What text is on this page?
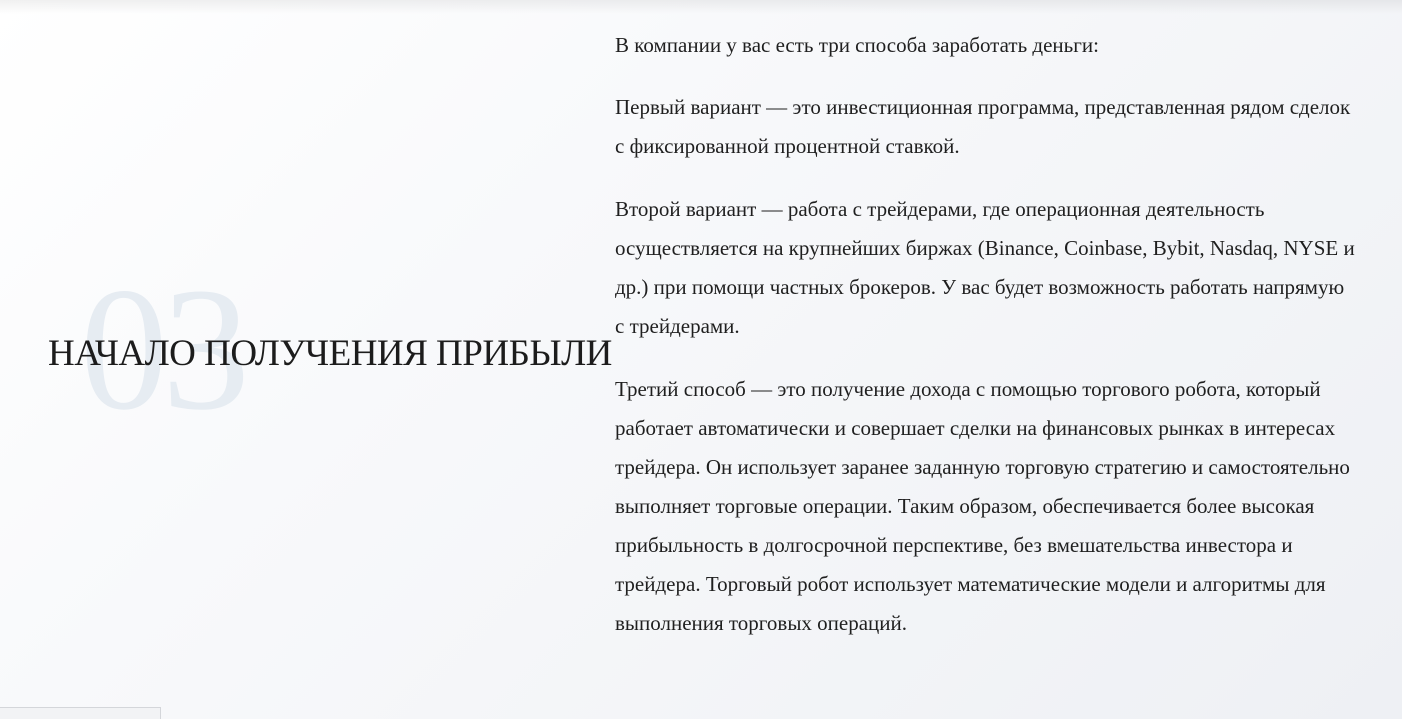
03
НАЧАЛО ПОЛУЧЕНИЯ ПРИБЫЛИ

В компании у вас есть три способа заработать деньги:

Первый вариант — это инвестиционная программа, представленная рядом сделок с фиксированной процентной ставкой.

Второй вариант — работа с трейдерами, где операционная деятельность осуществляется на крупнейших биржах (Binance, Coinbase, Bybit, Nasdaq, NYSE и др.) при помощи частных брокеров. У вас будет возможность работать напрямую с трейдерами.

Третий способ — это получение дохода с помощью торгового робота, который работает автоматически и совершает сделки на финансовых рынках в интересах трейдера. Он использует заранее заданную торговую стратегию и самостоятельно выполняет торговые операции. Таким образом, обеспечивается более высокая прибыльность в долгосрочной перспективе, без вмешательства инвестора и трейдера. Торговый робот использует математические модели и алгоритмы для выполнения торговых операций.
